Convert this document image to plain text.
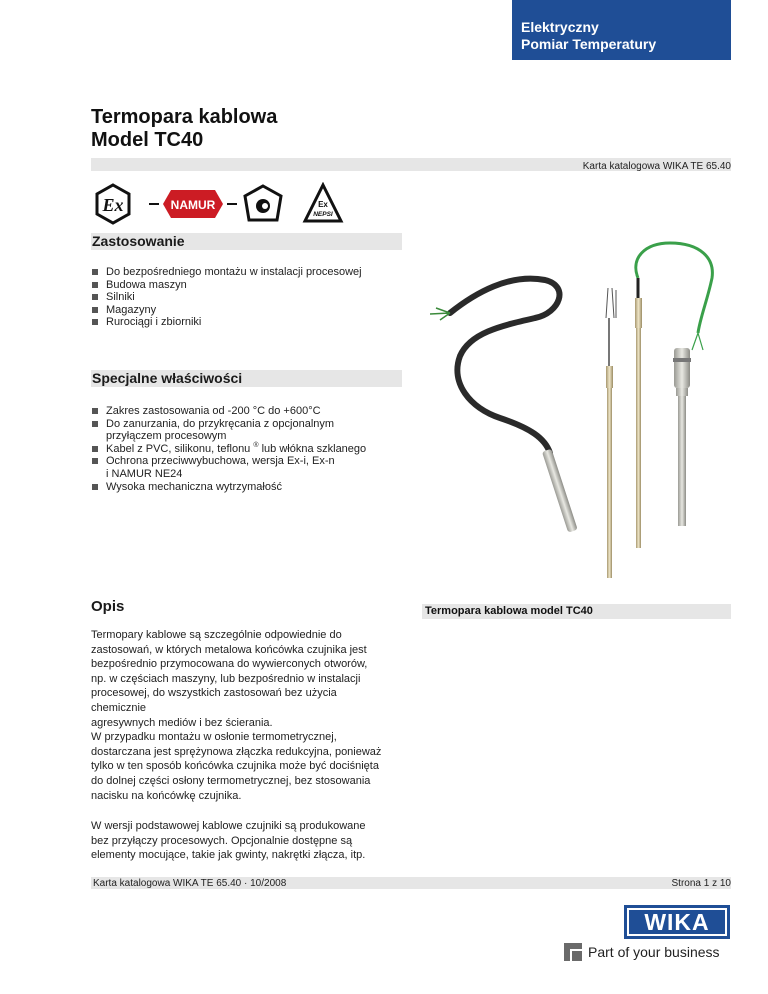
Elektryczny
Pomiar Temperatury
Termopara kablowa
Model TC40
Karta katalogowa WIKA TE 65.40
Ex	NAMUR	Ex
NEPSI
Zastosowanie
Do bezpośredniego montażu w instalacji procesowej
Budowa maszyn
Silniki
Magazyny
Rurociągi i zbiorniki
Specjalne właściwości
Zakres zastosowania od -200 °C do +600°C
Do zanurzania, do przykręcania z opcjonalnym
przyłączem procesowym
Kabel z PVC, silikonu, teflonu ® lub włókna szklanego
Ochrona przeciwwybuchowa, wersja Ex-i, Ex-n
i NAMUR NE24
Wysoka mechaniczna wytrzymałość
Opis	Termopara kablowa model TC40

Termopary kablowe są szczególnie odpowiednie do
zastosowań, w których metalowa końcówka czujnika jest
bezpośrednio przymocowana do wywierconych otworów,
np. w częściach maszyny, lub bezpośrednio w instalacji
procesowej, do wszystkich zastosowań bez użycia chemicznie
agresywnych mediów i bez ścierania.
W przypadku montażu w osłonie termometrycznej,
dostarczana jest sprężynowa złączka redukcyjna, ponieważ
tylko w ten sposób końcówka czujnika może być dociśnięta
do dolnej części osłony termometrycznej, bez stosowania
nacisku na końcówkę czujnika.

W wersji podstawowej kablowe czujniki są produkowane
bez przyłączy procesowych. Opcjonalnie dostępne są
elementy mocujące, takie jak gwinty, nakrętki złącza, itp.

Karta katalogowa WIKA TE 65.40 · 10/2008	Strona 1 z 10
WIKA
Part of your business
